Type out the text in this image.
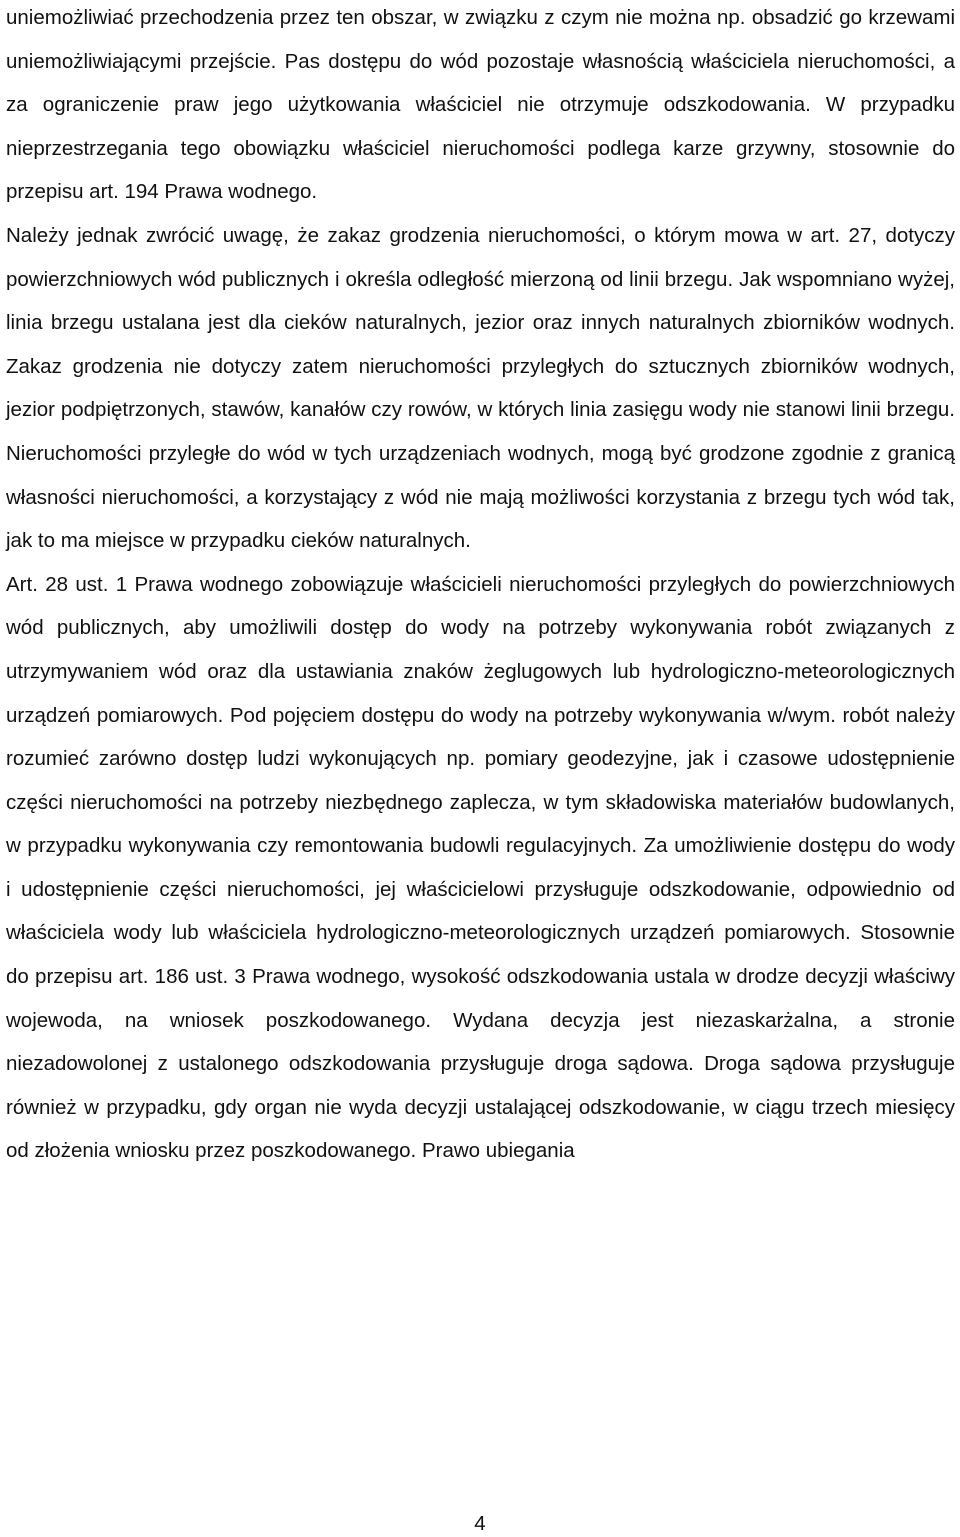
uniemożliwiać przechodzenia przez ten obszar, w związku z czym nie można np. obsadzić go krzewami uniemożliwiającymi przejście. Pas dostępu do wód pozostaje własnością właściciela nieruchomości, a za ograniczenie praw jego użytkowania właściciel nie otrzymuje odszkodowania. W przypadku nieprzestrzegania tego obowiązku właściciel nieruchomości podlega karze grzywny, stosownie do przepisu art. 194 Prawa wodnego.

Należy jednak zwrócić uwagę, że zakaz grodzenia nieruchomości, o którym mowa w art. 27, dotyczy powierzchniowych wód publicznych i określa odległość mierzoną od linii brzegu. Jak wspomniano wyżej, linia brzegu ustalana jest dla cieków naturalnych, jezior oraz innych naturalnych zbiorników wodnych. Zakaz grodzenia nie dotyczy zatem nieruchomości przyległych do sztucznych zbiorników wodnych, jezior podpiętrzonych, stawów, kanałów czy rowów, w których linia zasięgu wody nie stanowi linii brzegu. Nieruchomości przyległe do wód w tych urządzeniach wodnych, mogą być grodzone zgodnie z granicą własności nieruchomości, a korzystający z wód nie mają możliwości korzystania z brzegu tych wód tak, jak to ma miejsce w przypadku cieków naturalnych.

Art. 28 ust. 1 Prawa wodnego zobowiązuje właścicieli nieruchomości przyległych do powierzchniowych wód publicznych, aby umożliwili dostęp do wody na potrzeby wykonywania robót związanych z utrzymywaniem wód oraz dla ustawiania znaków żeglugowych lub hydrologiczno-meteorologicznych urządzeń pomiarowych. Pod pojęciem dostępu do wody na potrzeby wykonywania w/wym. robót należy rozumieć zarówno dostęp ludzi wykonujących np. pomiary geodezyjne, jak i czasowe udostępnienie części nieruchomości na potrzeby niezbędnego zaplecza, w tym składowiska materiałów budowlanych, w przypadku wykonywania czy remontowania budowli regulacyjnych. Za umożliwienie dostępu do wody i udostępnienie części nieruchomości, jej właścicielowi przysługuje odszkodowanie, odpowiednio od właściciela wody lub właściciela hydrologiczno-meteorologicznych urządzeń pomiarowych. Stosownie do przepisu art. 186 ust. 3 Prawa wodnego, wysokość odszkodowania ustala w drodze decyzji właściwy wojewoda, na wniosek poszkodowanego. Wydana decyzja jest niezaskarżalna, a stronie niezadowolonej z ustalonego odszkodowania przysługuje droga sądowa. Droga sądowa przysługuje również w przypadku, gdy organ nie wyda decyzji ustalającej odszkodowanie, w ciągu trzech miesięcy od złożenia wniosku przez poszkodowanego. Prawo ubiegania

4
